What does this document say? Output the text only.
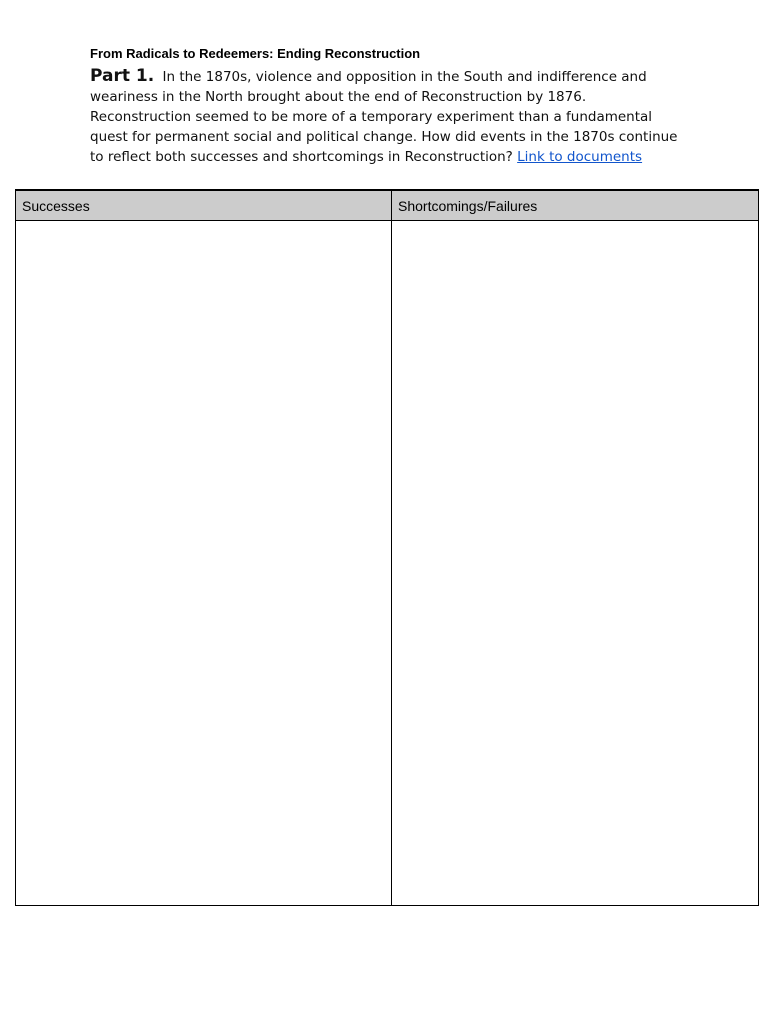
From Radicals to Redeemers: Ending Reconstruction
Part 1. In the 1870s, violence and opposition in the South and indifference and weariness in the North brought about the end of Reconstruction by 1876. Reconstruction seemed to be more of a temporary experiment than a fundamental quest for permanent social and political change. How did events in the 1870s continue to reflect both successes and shortcomings in Reconstruction? Link to documents
Successes	Shortcomings/Failures
